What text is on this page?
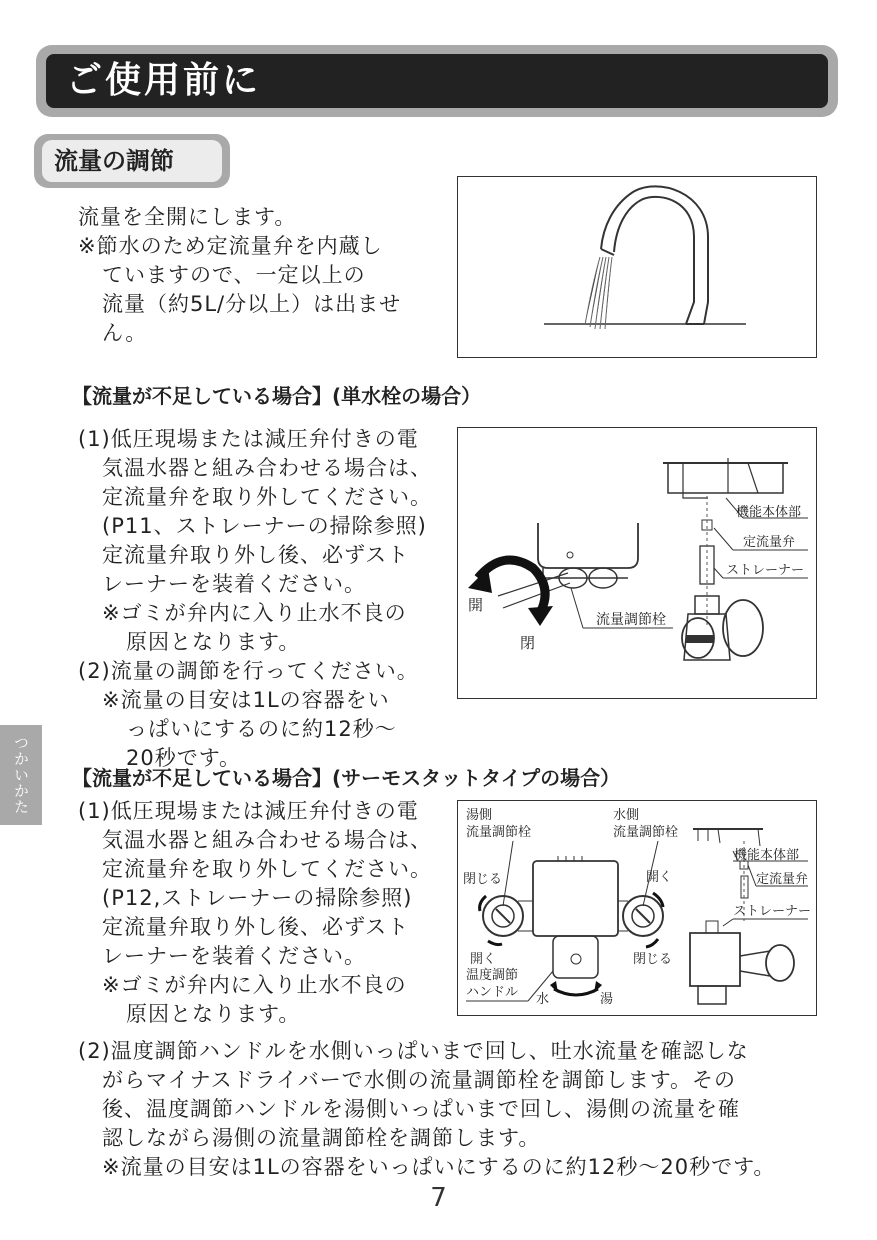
ご使用前に
流量の調節
流量を全開にします。
※節水のため定流量弁を内蔵し
ていますので、一定以上の
流量（約5L/分以上）は出ませ
ん。
【流量が不足している場合】(単水栓の場合）
(1)低圧現場または減圧弁付きの電
気温水器と組み合わせる場合は、
定流量弁を取り外してください。
(P11、ストレーナーの掃除参照)
定流量弁取り外し後、必ずスト
レーナーを装着ください。
※ゴミが弁内に入り止水不良の
原因となります。
(2)流量の調節を行ってください。
※流量の目安は1Lの容器をい
っぱいにするのに約12秒～
20秒です。
開
閉
流量調節栓
機能本体部
定流量弁
ストレーナー
【流量が不足している場合】(サーモスタットタイプの場合）
(1)低圧現場または減圧弁付きの電
気温水器と組み合わせる場合は、
定流量弁を取り外してください。
(P12,ストレーナーの掃除参照)
定流量弁取り外し後、必ずスト
レーナーを装着ください。
※ゴミが弁内に入り止水不良の
原因となります。
湯側
流量調節栓
水側
流量調節栓
閉じる
開く
開く
閉じる
温度調節
ハンドル 水	湯
機能本体部
定流量弁
ストレーナー
(2)温度調節ハンドルを水側いっぱいまで回し、吐水流量を確認しな
がらマイナスドライバーで水側の流量調節栓を調節します。その
後、温度調節ハンドルを湯側いっぱいまで回し、湯側の流量を確
認しながら湯側の流量調節栓を調節します。
※流量の目安は1Lの容器をいっぱいにするのに約12秒～20秒です。
つかいかた
7
